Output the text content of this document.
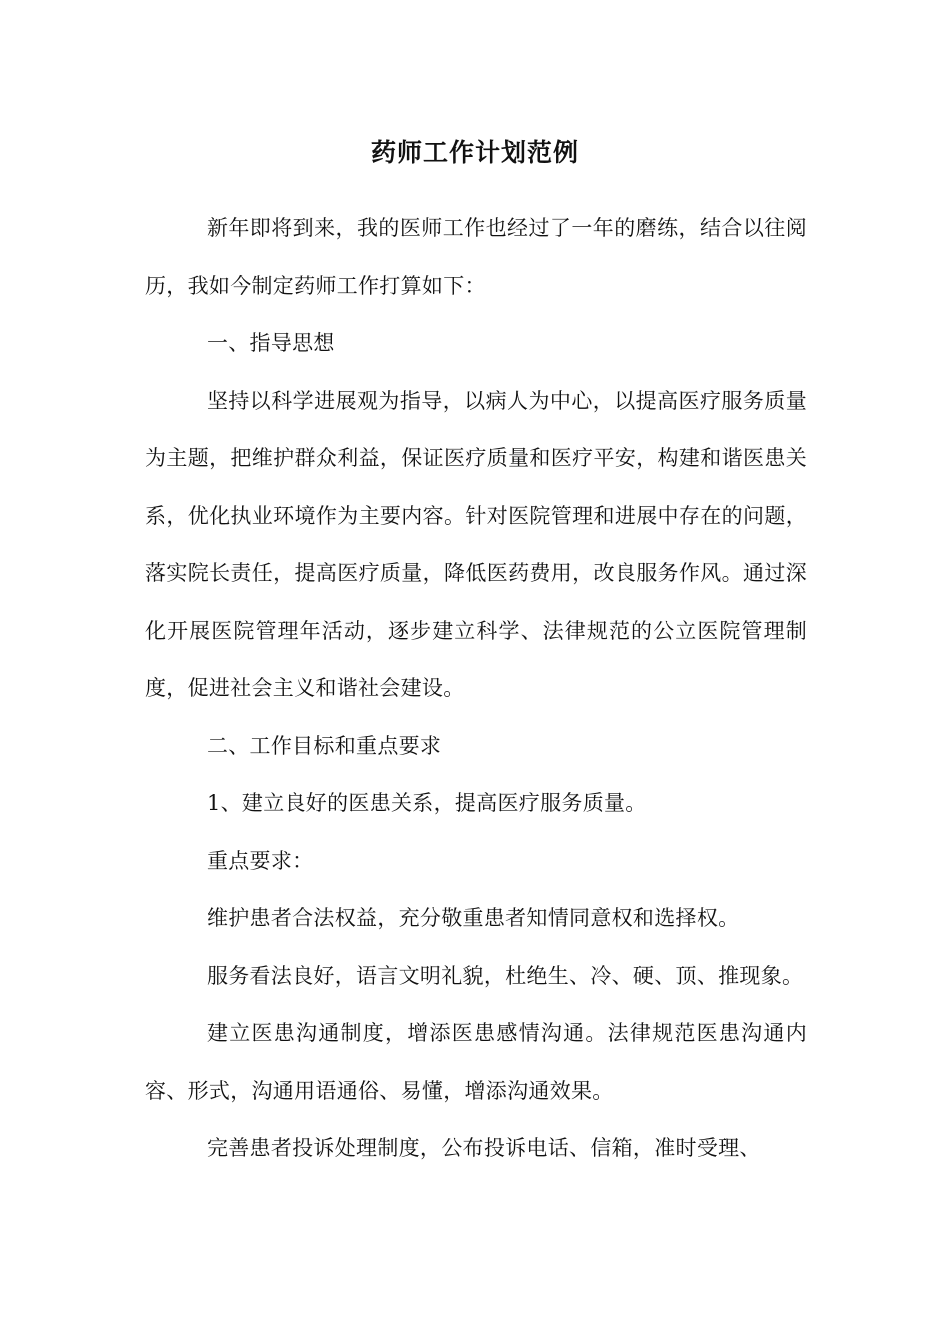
药师工作计划范例

新年即将到来，我的医师工作也经过了一年的磨练，结合以往阅历，我如今制定药师工作打算如下：

一、指导思想

坚持以科学进展观为指导，以病人为中心，以提高医疗服务质量为主题，把维护群众利益，保证医疗质量和医疗平安，构建和谐医患关系，优化执业环境作为主要内容。针对医院管理和进展中存在的问题，落实院长责任，提高医疗质量，降低医药费用，改良服务作风。通过深化开展医院管理年活动，逐步建立科学、法律规范的公立医院管理制度，促进社会主义和谐社会建设。

二、工作目标和重点要求

1、建立良好的医患关系，提高医疗服务质量。

重点要求：

维护患者合法权益，充分敬重患者知情同意权和选择权。

服务看法良好，语言文明礼貌，杜绝生、冷、硬、顶、推现象。

建立医患沟通制度，增添医患感情沟通。法律规范医患沟通内容、形式，沟通用语通俗、易懂，增添沟通效果。

完善患者投诉处理制度，公布投诉电话、信箱，准时受理、
